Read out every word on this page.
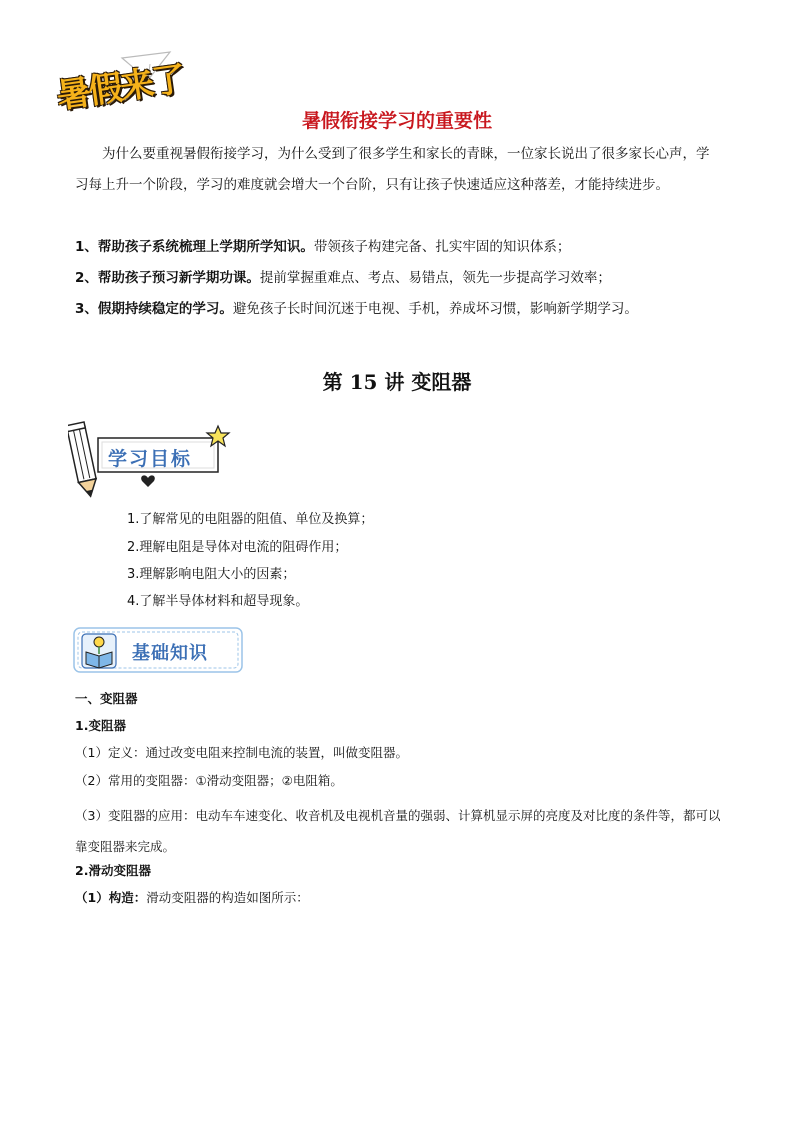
暑假来了
暑假衔接学习的重要性
为什么要重视暑假衔接学习，为什么受到了很多学生和家长的青睐，一位家长说出了很多家长心声，学习每上升一个阶段，学习的难度就会增大一个台阶，只有让孩子快速适应这种落差，才能持续进步。
1、帮助孩子系统梳理上学期所学知识。带领孩子构建完备、扎实牢固的知识体系；
2、帮助孩子预习新学期功课。提前掌握重难点、考点、易错点，领先一步提高学习效率；
3、假期持续稳定的学习。避免孩子长时间沉迷于电视、手机，养成坏习惯，影响新学期学习。
第 15 讲 变阻器
学习目标
1.了解常见的电阻器的阻值、单位及换算；
2.理解电阻是导体对电流的阻碍作用；
3.理解影响电阻大小的因素；
4.了解半导体材料和超导现象。
基础知识
一、变阻器
1.变阻器
（1）定义：通过改变电阻来控制电流的装置，叫做变阻器。
（2）常用的变阻器：①滑动变阻器；②电阻箱。
（3）变阻器的应用：电动车车速变化、收音机及电视机音量的强弱、计算机显示屏的亮度及对比度的条件等，都可以靠变阻器来完成。
2.滑动变阻器
（1）构造：滑动变阻器的构造如图所示：
